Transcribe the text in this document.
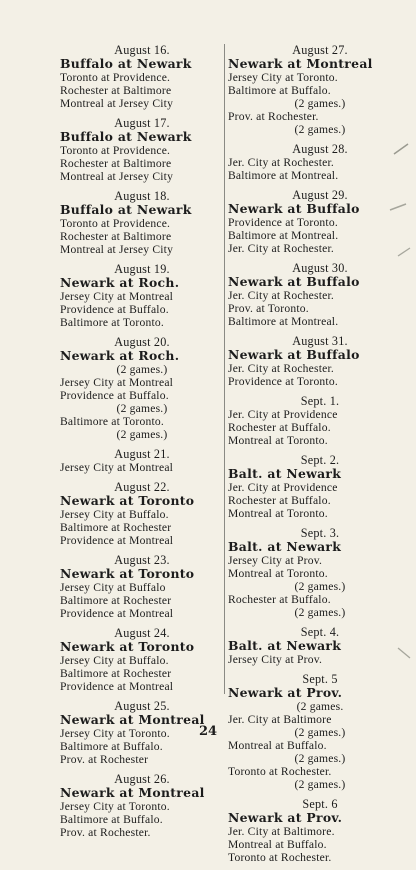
August 16.
Buffalo at Newark
Toronto at Providence.
Rochester at Baltimore
Montreal at Jersey City
August 17.
Buffalo at Newark
Toronto at Providence.
Rochester at Baltimore
Montreal at Jersey City
August 18.
Buffalo at Newark
Toronto at Providence.
Rochester at Baltimore
Montreal at Jersey City
August 19.
Newark at Roch.
Jersey City at Montreal
Providence at Buffalo.
Baltimore at Toronto.
August 20.
Newark at Roch.
(2 games.)
Jersey City at Montreal
Providence at Buffalo.
(2 games.)
Baltimore at Toronto.
(2 games.)
August 21.
Jersey City at Montreal
August 22.
Newark at Toronto
Jersey City at Buffalo.
Baltimore at Rochester
Providence at Montreal
August 23.
Newark at Toronto
Jersey City at Buffalo
Baltimore at Rochester
Providence at Montreal
August 24.
Newark at Toronto
Jersey City at Buffalo.
Baltimore at Rochester
Providence at Montreal
August 25.
Newark at Montreal
Jersey City at Toronto.
Baltimore at Buffalo.
Prov. at Rochester
August 26.
Newark at Montreal
Jersey City at Toronto.
Baltimore at Buffalo.
Prov. at Rochester.
August 27.
Newark at Montreal
Jersey City at Toronto.
Baltimore at Buffalo.
(2 games.)
Prov. at Rochester.
(2 games.)
August 28.
Jer. City at Rochester.
Baltimore at Montreal.
August 29.
Newark at Buffalo
Providence at Toronto.
Baltimore at Montreal.
Jer. City at Rochester.
August 30.
Newark at Buffalo
Jer. City at Rochester.
Prov. at Toronto.
Baltimore at Montreal.
August 31.
Newark at Buffalo
Jer. City at Rochester.
Providence at Toronto.
Sept. 1.
Jer. City at Providence
Rochester at Buffalo.
Montreal at Toronto.
Sept. 2.
Balt. at Newark
Jer. City at Providence
Rochester at Buffalo.
Montreal at Toronto.
Sept. 3.
Balt. at Newark
Jersey City at Prov.
Montreal at Toronto.
(2 games.)
Rochester at Buffalo.
(2 games.)
Sept. 4.
Balt. at Newark
Jersey City at Prov.
Sept. 5
Newark at Prov.
(2 games.
Jer. City at Baltimore
(2 games.)
Montreal at Buffalo.
(2 games.)
Toronto at Rochester.
(2 games.)
Sept. 6
Newark at Prov.
Jer. City at Baltimore.
Montreal at Buffalo.
Toronto at Rochester.
24
